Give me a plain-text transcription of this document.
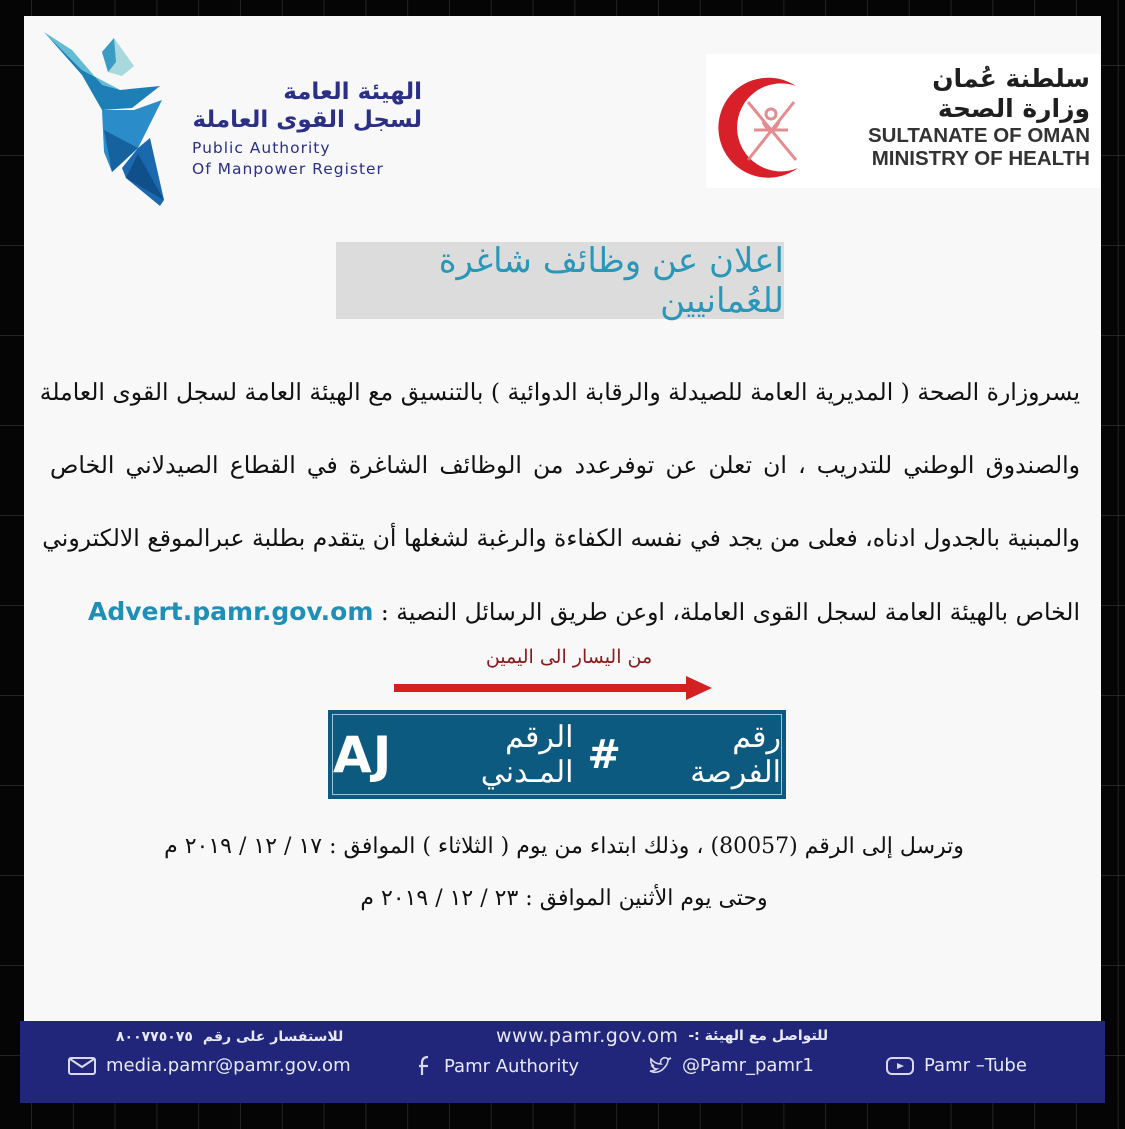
الهيئة العامة
لسجل القوى العاملة
Public Authority
Of Manpower Register
سلطنة عُمان
وزارة الصحة
SULTANATE OF OMAN
MINISTRY OF HEALTH
اعلان عن وظائف شاغرة للعُمانيين
يسروزارة الصحة ( المديرية العامة للصيدلة والرقابة الدوائية ) بالتنسيق مع الهيئة العامة لسجل القوى العاملة
والصندوق الوطني للتدريب ، ان تعلن عن توفرعدد من الوظائف الشاغرة في القطاع الصيدلاني الخاص
والمبنية بالجدول ادناه، فعلى من يجد في نفسه الكفاءة والرغبة لشغلها أن يتقدم بطلبة عبرالموقع الالكتروني
الخاص بالهيئة العامة لسجل القوى العاملة، اوعن طريق الرسائل النصية : Advert.pamr.gov.om
من اليسار الى اليمين
AJ	الرقم المـدني #	رقم الفرصة
وترسل إلى الرقم (80057) ، وذلك ابتداء من يوم ( الثلاثاء ) الموافق : ١٧ / ١٢ / ٢٠١٩ م
وحتى يوم الأثنين الموافق : ٢٣ / ١٢ / ٢٠١٩ م
٨٠٠٧٧٥٠٧٥ للاستفسار على رقم	www.pamr.gov.om للتواصل مع الهيئة :-
media.pamr@pamr.gov.om	Pamr Authority	@Pamr_pamr1	Pamr –Tube
